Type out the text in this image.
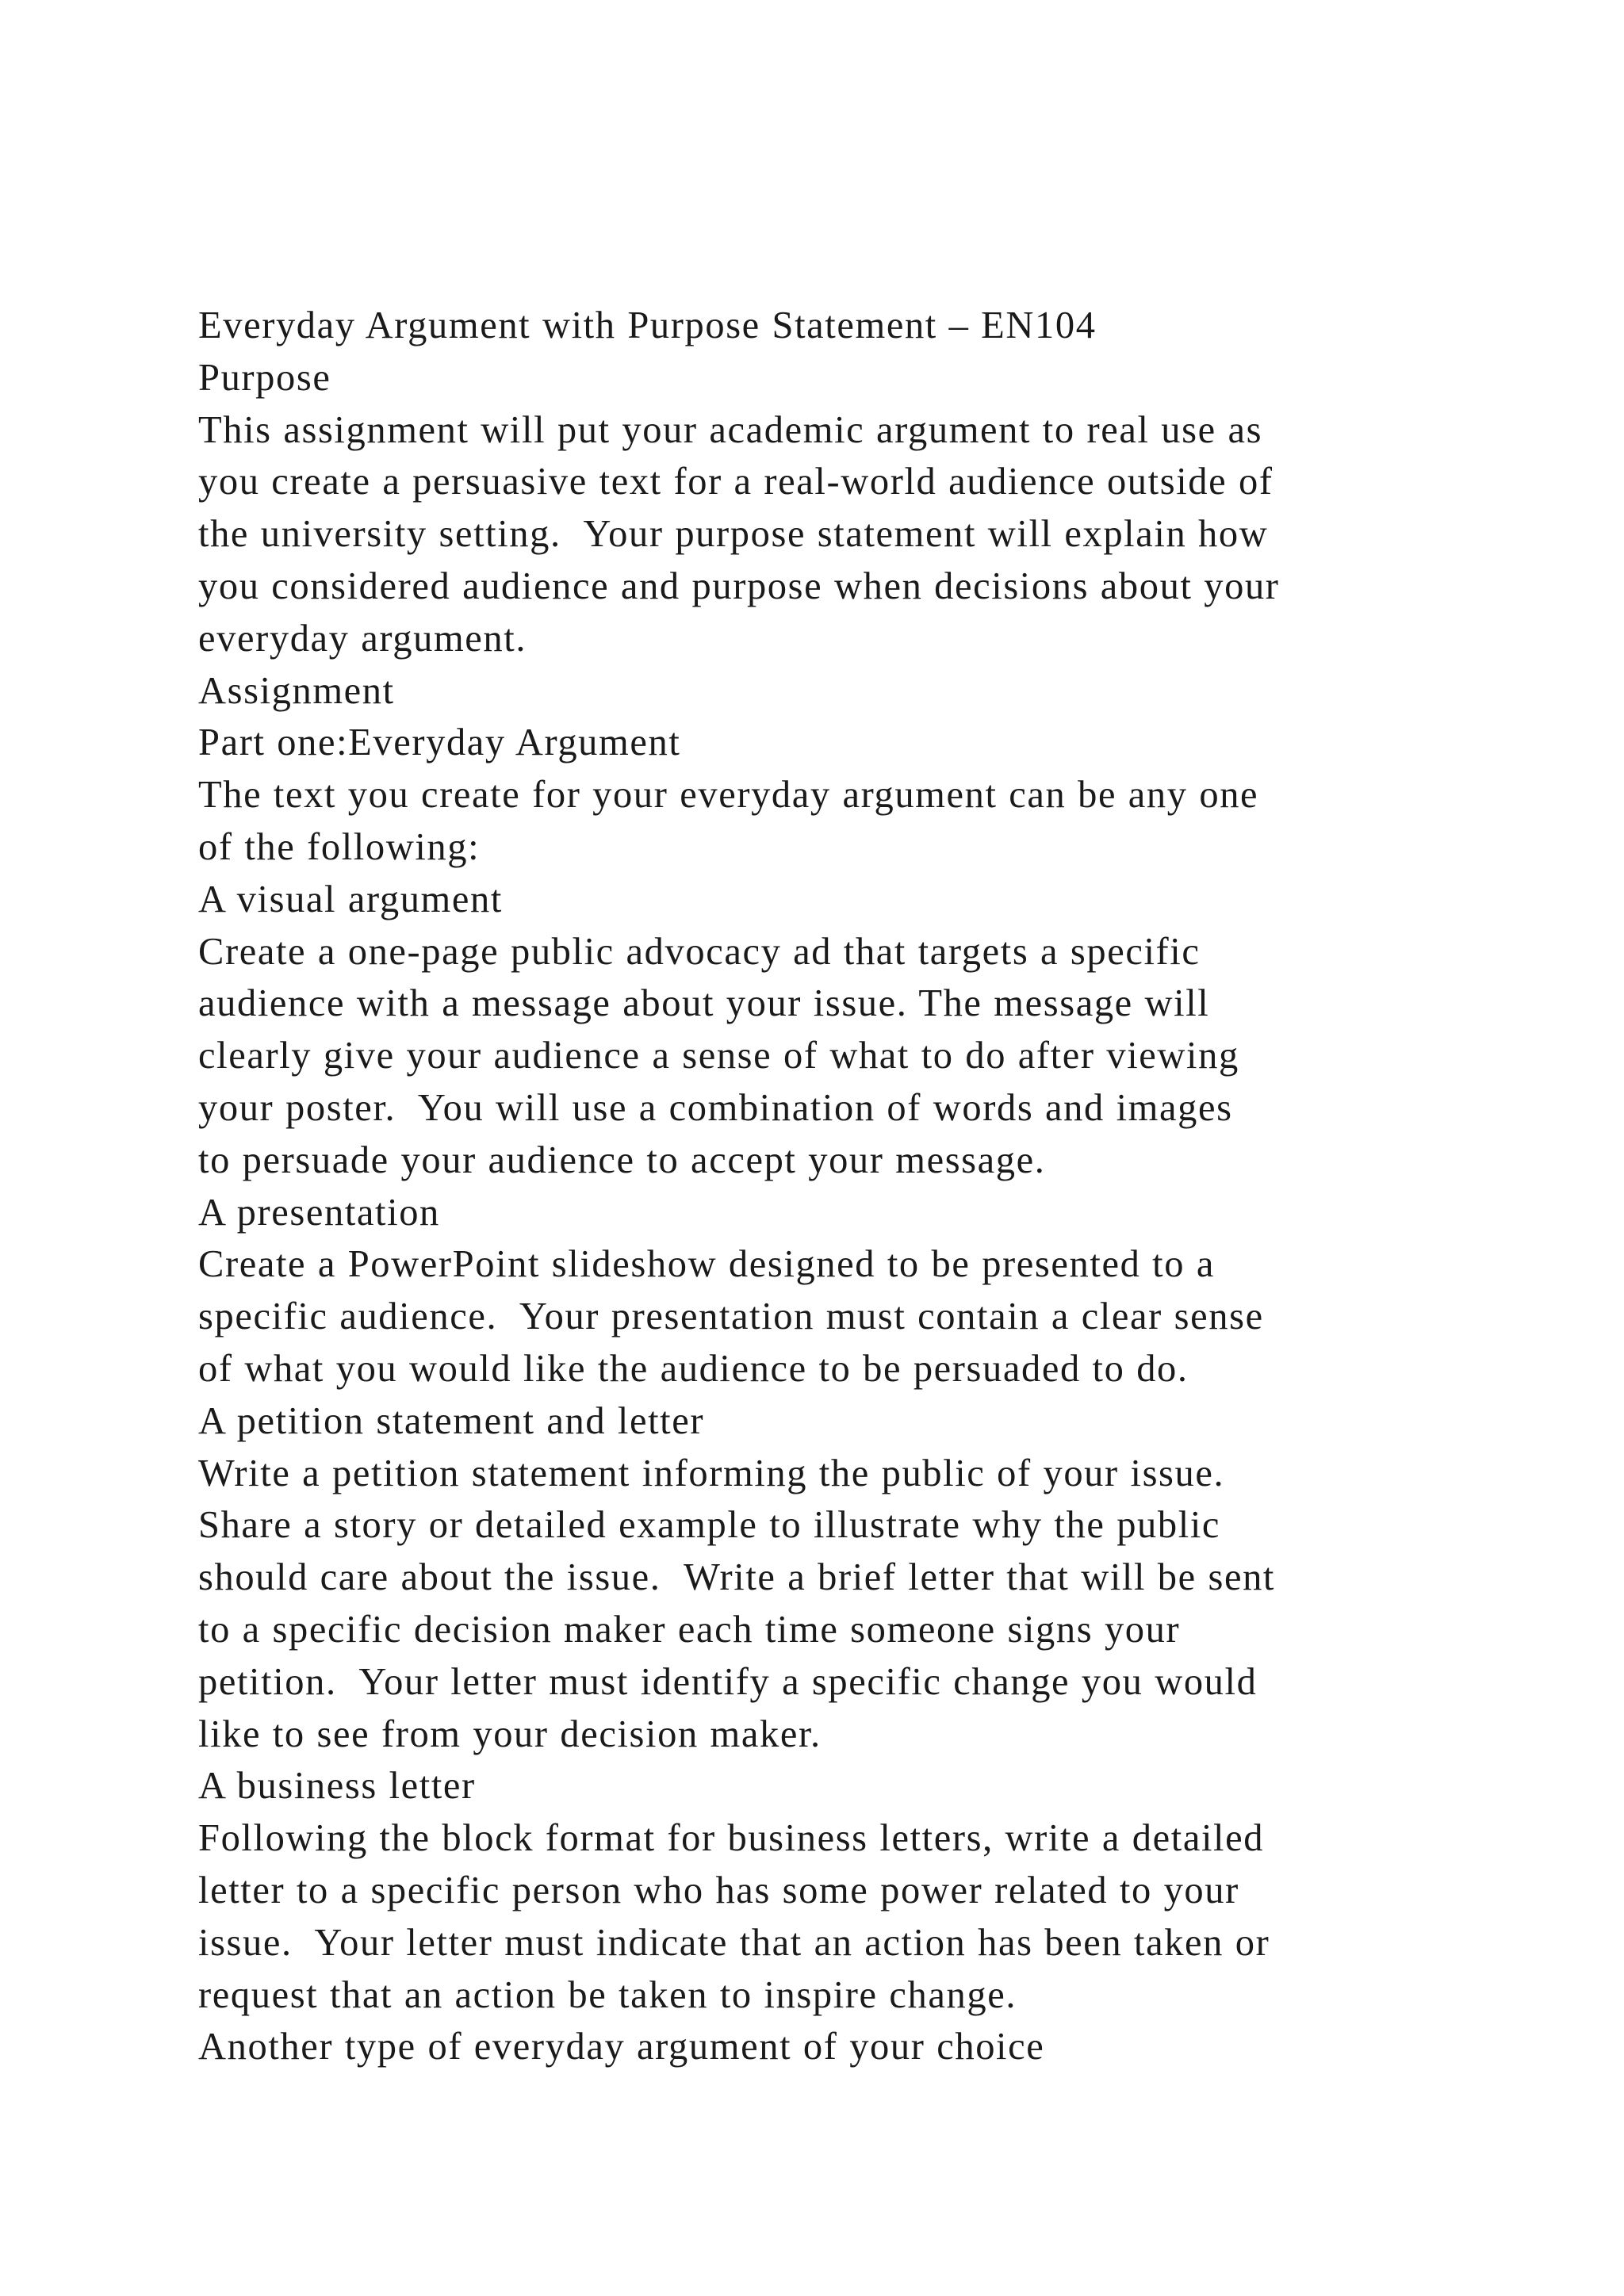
Everyday Argument with Purpose Statement – EN104
Purpose
This assignment will put your academic argument to real use as
you create a persuasive text for a real-world audience outside of
the university setting.  Your purpose statement will explain how
you considered audience and purpose when decisions about your
everyday argument.
Assignment
Part one:Everyday Argument
The text you create for your everyday argument can be any one
of the following:
A visual argument
Create a one-page public advocacy ad that targets a specific
audience with a message about your issue. The message will
clearly give your audience a sense of what to do after viewing
your poster.  You will use a combination of words and images
to persuade your audience to accept your message.
A presentation
Create a PowerPoint slideshow designed to be presented to a
specific audience.  Your presentation must contain a clear sense
of what you would like the audience to be persuaded to do.
A petition statement and letter
Write a petition statement informing the public of your issue.
Share a story or detailed example to illustrate why the public
should care about the issue.  Write a brief letter that will be sent
to a specific decision maker each time someone signs your
petition.  Your letter must identify a specific change you would
like to see from your decision maker.
A business letter
Following the block format for business letters, write a detailed
letter to a specific person who has some power related to your
issue.  Your letter must indicate that an action has been taken or
request that an action be taken to inspire change.
Another type of everyday argument of your choice
